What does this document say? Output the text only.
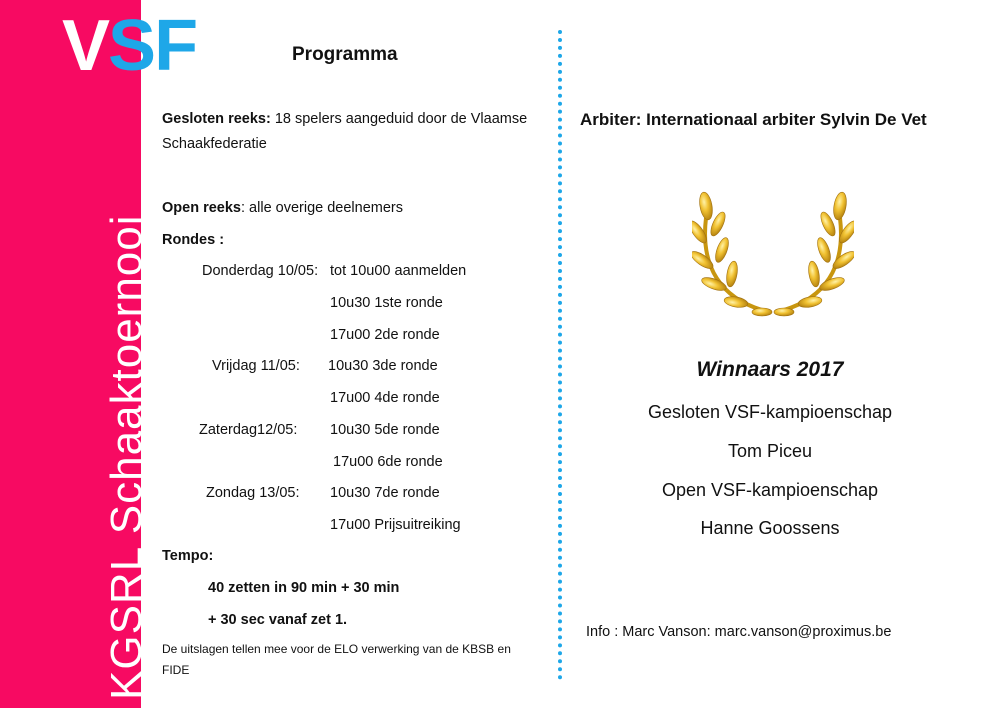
KGSRL Schaaktoernooi
VSF	Programma
Gesloten reeks: 18 spelers aangeduid door de Vlaamse
Schaakfederatie
Open reeks: alle overige deelnemers
Rondes :
Donderdag 10/05: tot 10u00 aanmelden
10u30 1ste ronde
17u00 2de ronde
Vrijdag 11/05: 10u30 3de ronde
17u00 4de ronde
Zaterdag12/05: 10u30 5de ronde
17u00 6de ronde
Zondag 13/05: 10u30 7de ronde
17u00 Prijsuitreiking
Tempo:
40 zetten in 90 min + 30 min
+ 30 sec vanaf zet 1.
De uitslagen tellen mee voor de ELO verwerking van de KBSB en
FIDE
Arbiter: Internationaal arbiter Sylvin De Vet
Winnaars 2017
Gesloten VSF-kampioenschap
Tom Piceu
Open VSF-kampioenschap
Hanne Goossens
Info : Marc Vanson: marc.vanson@proximus.be
